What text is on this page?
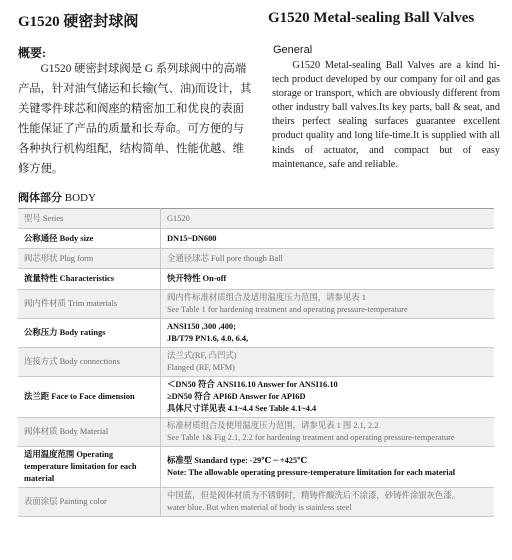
G1520 硬密封球阀	G1520 Metal-sealing Ball Valves
概要:	General
G1520 硬密封球阀是 G 系列球阀中的高端产品，针对油气储运和长输(气、油)而设计，其关键零件球芯和阀座的精密加工和优良的表面性能保证了产品的质量和长寿命。可方便的与各种执行机构组配，结构简单、性能优越、维修方便。
G1520 Metal-sealing Ball Valves are a kind hi-tech product developed by our company for oil and gas storage or transport, which are obviously different from other industry ball valves.Its key parts, ball & seat, and theirs perfect sealing surfaces guarantee excellent product quality and long life-time.It is supplied with all kinds of actuator, and compact but of easy maintenance, safe and reliable.
阀体部分 BODY
型号 Series	G1520
公称通径 Body size	DN15~DN600
阀芯形状 Plug form	全通径球芯 Full pore though Ball
流量特性 Characteristics	快开特性 On-off
阀内件材质 Trim materials	阀内件标准材质组合及适用温度压力范围，请参见表 1
See Table 1 for hardening treatment and operating pressure-temperature
公称压力 Body ratings	ANSI150 ,300 ,400;
JB/T79 PN1.6, 4.0, 6.4,
连接方式 Body connections	法兰式(RF, 凸凹式)
Flanged (RF, MFM)
法兰距 Face to Face dimension	＜DN50 符合 ANSI16.10 Answer for ANSI16.10
≥DN50 符合 API6D Answer for API6D
具体尺寸详见表 4.1~4.4 See Table 4.1~4.4
阀体材质 Body Material	标准材质组合及使用温度压力范围，请参见表 1 图 2.1, 2.2
See Table 1& Fig 2.1, 2.2 for hardening treatment and operating pressure-temperature
适用温度范围 Operating temperature limitation for each material	标准型 Standard type: -29℃ ~ +425℃
Note: The allowable operating pressure-temperature limitation for each material
表面涂层 Painting color	中国蓝，但是阀体材质为不锈钢时，精铸件酸洗后不涂漆，砂铸件涂银灰色漆。
water blue. But when material of body is stainless steel
